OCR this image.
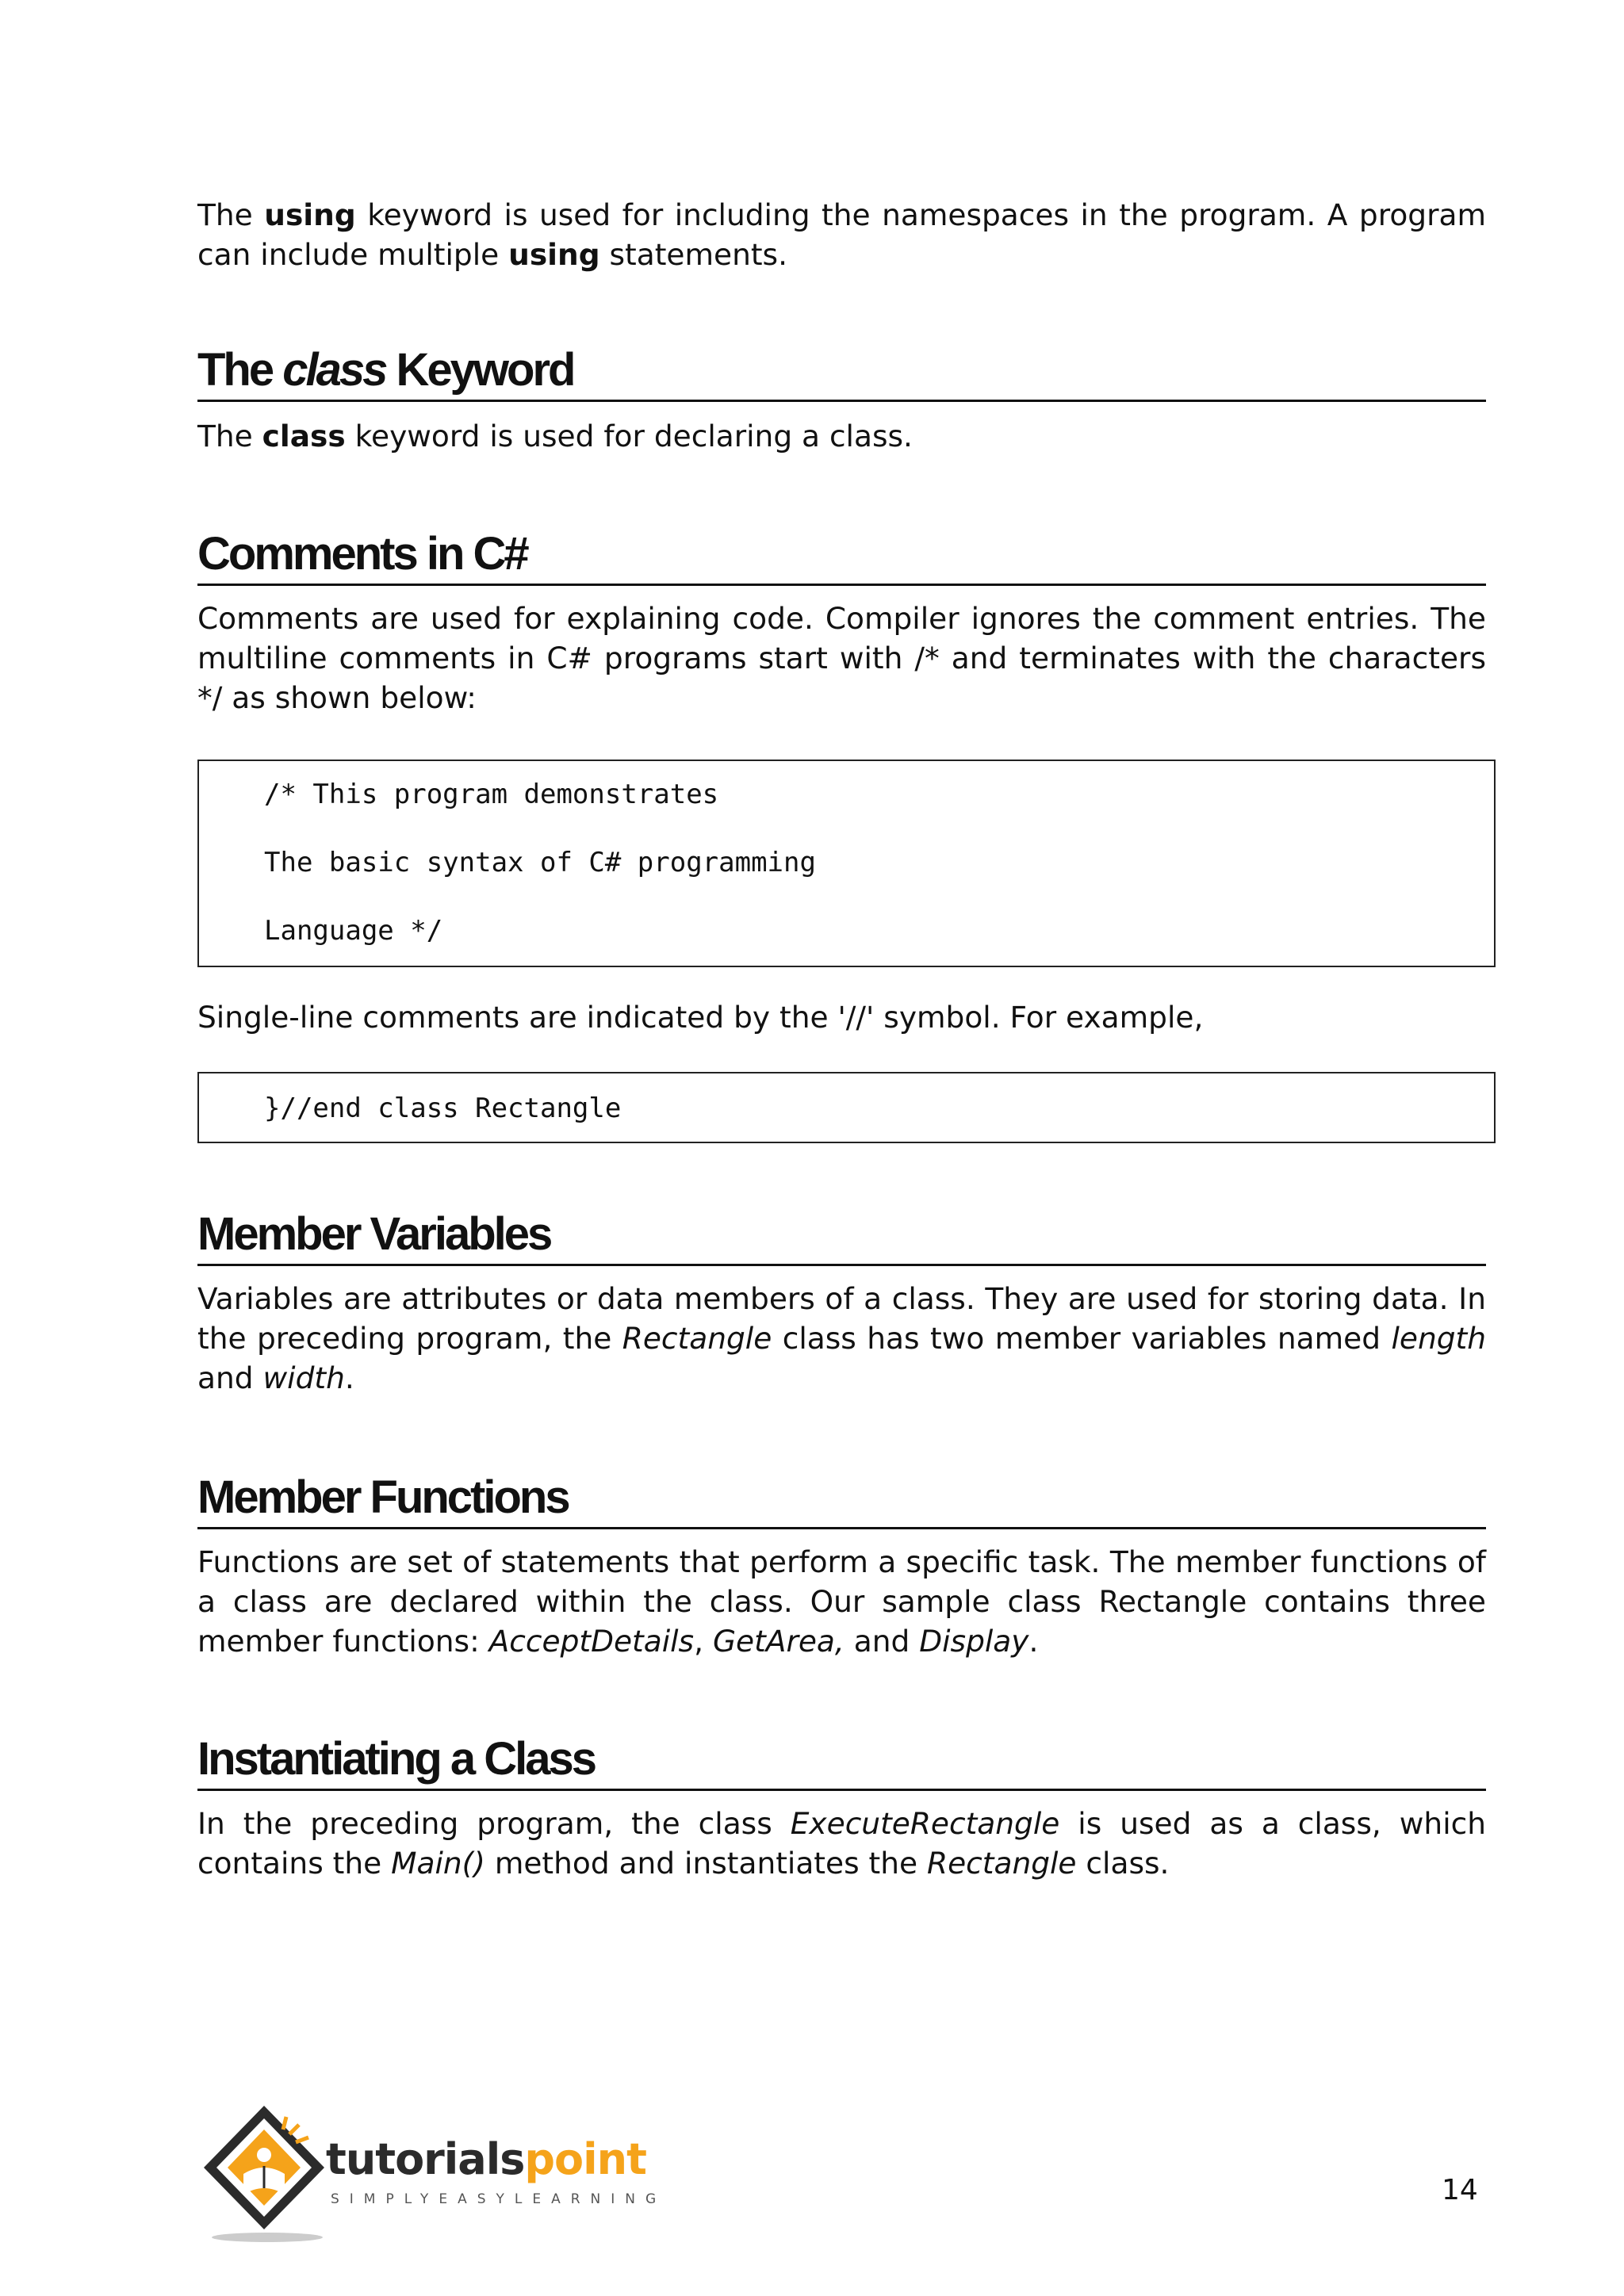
The using keyword is used for including the namespaces in the program. A program can include multiple using statements.

The class Keyword

The class keyword is used for declaring a class.

Comments in C#

Comments are used for explaining code. Compiler ignores the comment entries. The multiline comments in C# programs start with /* and terminates with the characters */ as shown below:

/* This program demonstrates
The basic syntax of C# programming
Language */

Single-line comments are indicated by the '//' symbol. For example,

}//end class Rectangle
Member Variables

Variables are attributes or data members of a class. They are used for storing data. In the preceding program, the Rectangle class has two member variables named length and width.

Member Functions

Functions are set of statements that perform a specific task. The member functions of a class are declared within the class. Our sample class Rectangle contains three member functions: AcceptDetails, GetArea, and Display.

Instantiating a Class

In the preceding program, the class ExecuteRectangle is used as a class, which contains the Main() method and instantiates the Rectangle class.

tutorialspoint
SIMPLYEASYLEARNING	14
